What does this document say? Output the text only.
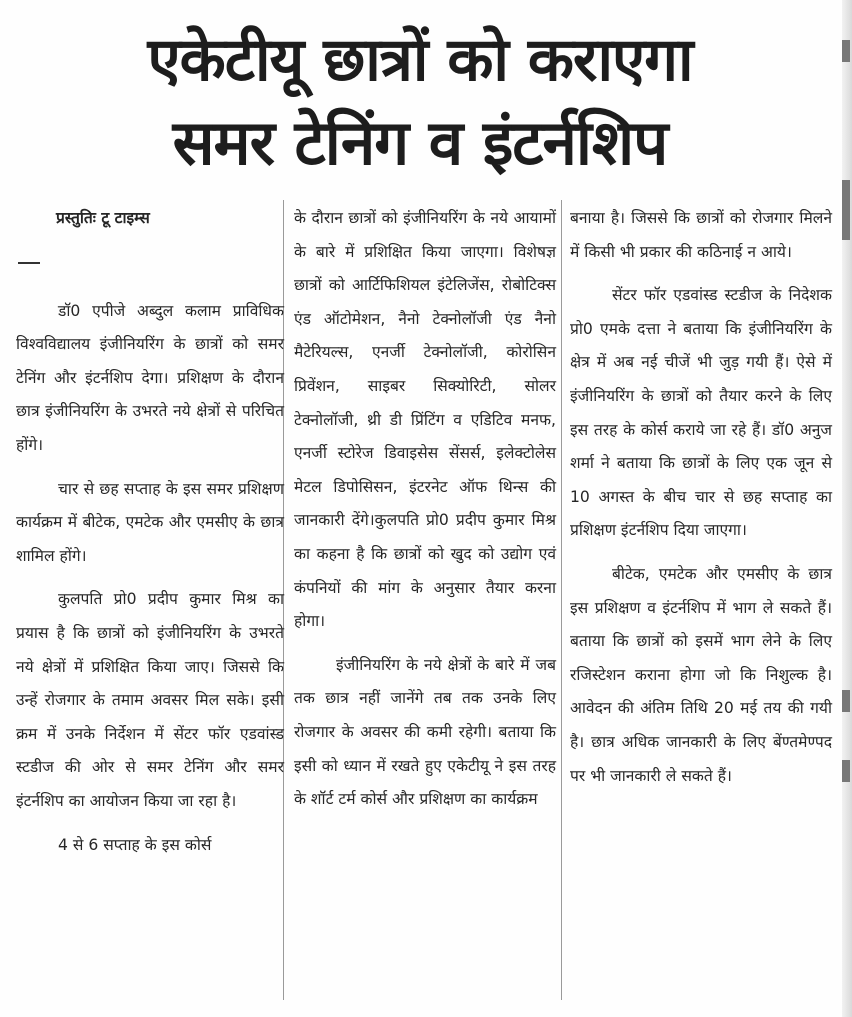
एकेटीयू छात्रों को कराएगा
समर टेनिंग व इंटर्नशिप
प्रस्तुतिः टू टाइम्स

डॉ0 एपीजे अब्दुल कलाम प्राविधिक विश्वविद्यालय इंजीनियरिंग के छात्रों को समर टेनिंग और इंटर्नशिप देगा। प्रशिक्षण के दौरान छात्र इंजीनियरिंग के उभरते नये क्षेत्रों से परिचित होंगे।

चार से छह सप्ताह के इस समर प्रशिक्षण कार्यक्रम में बीटेक, एमटेक और एमसीए के छात्र शामिल होंगे।

कुलपति प्रो0 प्रदीप कुमार मिश्र का प्रयास है कि छात्रों को इंजीनियरिंग के उभरते नये क्षेत्रों में प्रशिक्षित किया जाए। जिससे कि उन्हें रोजगार के तमाम अवसर मिल सके। इसी क्रम में उनके निर्देशन में सेंटर फॉर एडवांस्ड स्टडीज की ओर से समर टेनिंग और समर इंटर्नशिप का आयोजन किया जा रहा है।

4 से 6 सप्ताह के इस कोर्स

के दौरान छात्रों को इंजीनियरिंग के नये आयामों के बारे में प्रशिक्षित किया जाएगा। विशेषज्ञ छात्रों को आर्टिफिशियल इंटेलिजेंस, रोबोटिक्स एंड ऑटोमेशन, नैनो टेक्नोलॉजी एंड नैनो मैटेरियल्स, एनर्जी टेक्नोलॉजी, कोरोसिन प्रिवेंशन, साइबर सिक्योरिटी, सोलर टेक्नोलॉजी, थ्री डी प्रिंटिंग व एडिटिव मनफ, एनर्जी स्टोरेज डिवाइसेस सेंसर्स, इलेक्टोलेस मेटल डिपोसिसन, इंटरनेट ऑफ थिन्स की जानकारी देंगे।कुलपति प्रो0 प्रदीप कुमार मिश्र का कहना है कि छात्रों को खुद को उद्योग एवं कंपनियों की मांग के अनुसार तैयार करना होगा।

इंजीनियरिंग के नये क्षेत्रों के बारे में जब तक छात्र नहीं जानेंगे तब तक उनके लिए रोजगार के अवसर की कमी रहेगी। बताया कि इसी को ध्यान में रखते हुए एकेटीयू ने इस तरह के शॉर्ट टर्म कोर्स और प्रशिक्षण का कार्यक्रम

बनाया है। जिससे कि छात्रों को रोजगार मिलने में किसी भी प्रकार की कठिनाई न आये।

सेंटर फॉर एडवांस्ड स्टडीज के निदेशक प्रो0 एमके दत्ता ने बताया कि इंजीनियरिंग के क्षेत्र में अब नई चीजें भी जुड़ गयी हैं। ऐसे में इंजीनियरिंग के छात्रों को तैयार करने के लिए इस तरह के कोर्स कराये जा रहे हैं। डॉ0 अनुज शर्मा ने बताया कि छात्रों के लिए एक जून से 10 अगस्त के बीच चार से छह सप्ताह का प्रशिक्षण इंटर्नशिप दिया जाएगा।

बीटेक, एमटेक और एमसीए के छात्र इस प्रशिक्षण व इंटर्नशिप में भाग ले सकते हैं। बताया कि छात्रों को इसमें भाग लेने के लिए रजिस्टेशन कराना होगा जो कि निशुल्क है। आवेदन की अंतिम तिथि 20 मई तय की गयी है। छात्र अधिक जानकारी के लिए बेंण्तमेण्पद पर भी जानकारी ले सकते हैं।
